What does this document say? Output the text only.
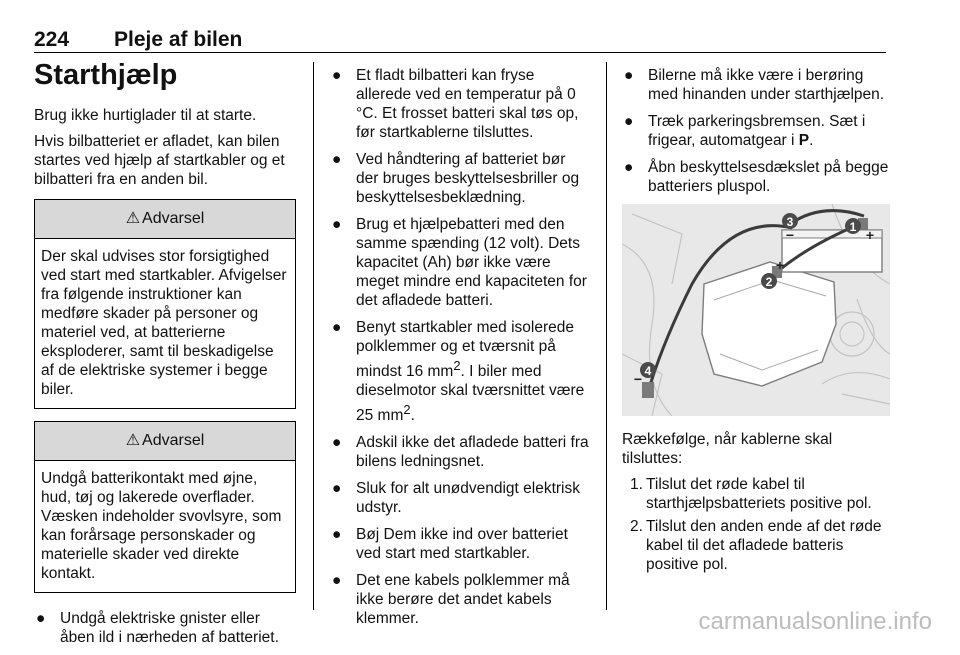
224 Pleje af bilen
Starthjælp

Brug ikke hurtiglader til at starte.

Hvis bilbatteriet er afladet, kan bilen startes ved hjælp af startkabler og et bilbatteri fra en anden bil.

⚠ Advarsel
Der skal udvises stor forsigtighed ved start med startkabler. Afvigelser fra følgende instruktioner kan medføre skader på personer og materiel ved, at batterierne eksploderer, samt til beskadigelse af de elektriske systemer i begge biler.
⚠ Advarsel
Undgå batterikontakt med øjne, hud, tøj og lakerede overflader. Væsken indeholder svovlsyre, som kan forårsage personskader og materielle skader ved direkte kontakt.
● Undgå elektriske gnister eller åben ild i nærheden af batteriet.
● Et fladt bilbatteri kan fryse allerede ved en temperatur på 0 °C. Et frosset batteri skal tøs op, før startkablerne tilsluttes.
● Ved håndtering af batteriet bør der bruges beskyttelsesbriller og beskyttelsesbeklædning.
● Brug et hjælpebatteri med den samme spænding (12 volt). Dets kapacitet (Ah) bør ikke være meget mindre end kapaciteten for det afladede batteri.
● Benyt startkabler med isolerede polklemmer og et tværsnit på mindst 16 $mm^2$. I biler med dieselmotor skal tværsnittet være 25 $mm^2$.
● Adskil ikke det afladede batteri fra bilens ledningsnet.
● Sluk for alt unødvendigt elektrisk udstyr.
● Bøj Dem ikke ind over batteriet ved start med startkabler.
● Det ene kabels polklemmer må ikke berøre det andet kabels klemmer.
● Bilerne må ikke være i berøring med hinanden under starthjælpen.
● Træk parkeringsbremsen. Sæt i frigear, automatgear i P.
● Åbn beskyttelsesdækslet på begge batteriers pluspol.
1
2
3
4
+
+
−
−

Rækkefølge, når kablerne skal tilsluttes:

1. Tilslut det røde kabel til starthjælpsbatteriets positive pol.
2. Tilslut den anden ende af det røde kabel til det afladede batteris positive pol.
carmanualsonline.info
